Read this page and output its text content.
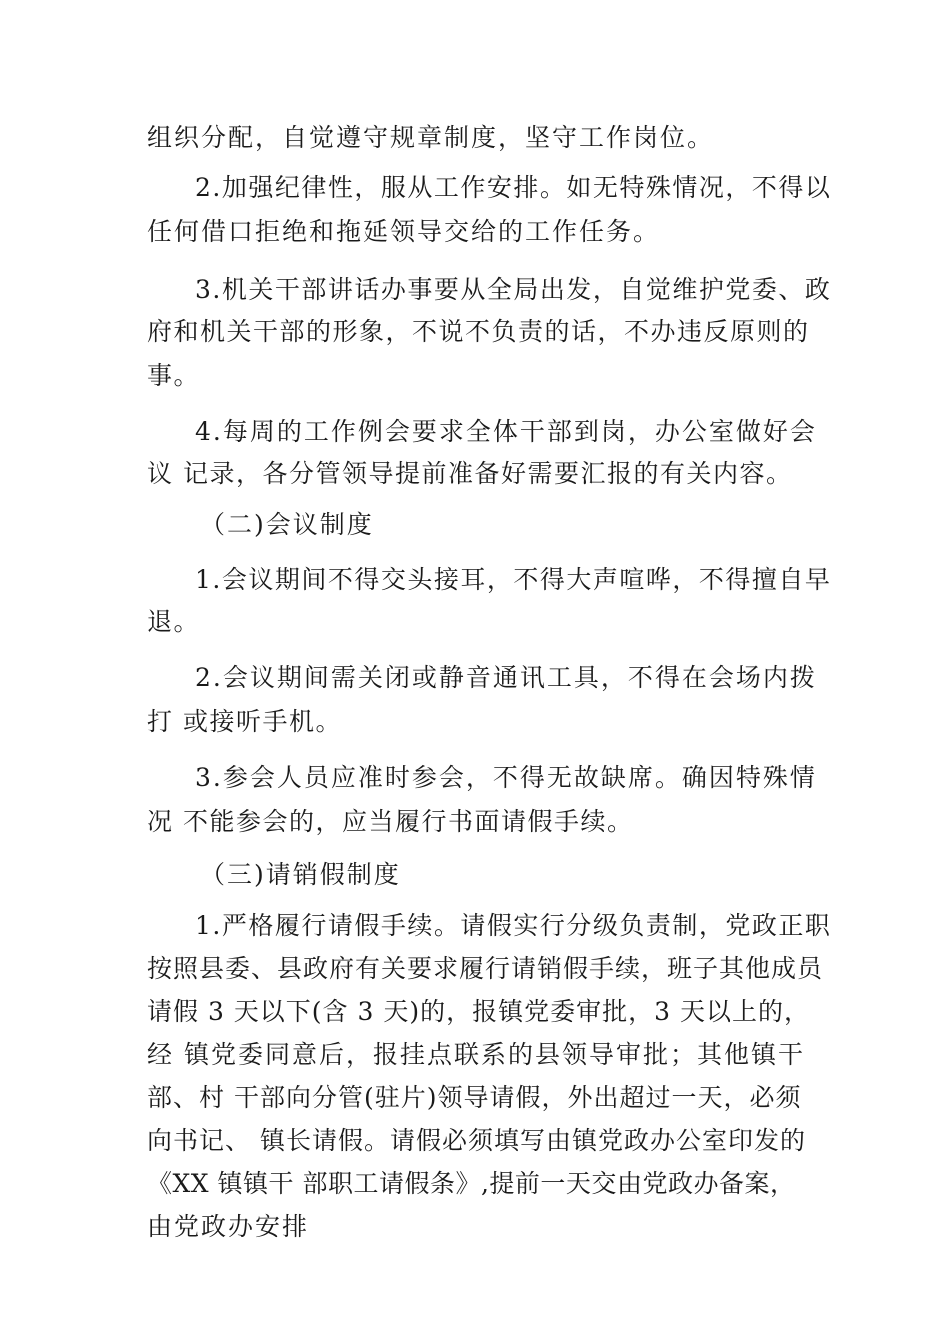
组织分配，自觉遵守规章制度，坚守工作岗位。
2.加强纪律性，服从工作安排。如无特殊情况，不得以
任何借口拒绝和拖延领导交给的工作任务。
3.机关干部讲话办事要从全局出发，自觉维护党委、政
府和机关干部的形象，不说不负责的话，不办违反原则的
事。
4.每周的工作例会要求全体干部到岗，办公室做好会
议 记录，各分管领导提前准备好需要汇报的有关内容。
（二)会议制度
1.会议期间不得交头接耳，不得大声喧哗，不得擅自早
退。
2.会议期间需关闭或静音通讯工具，不得在会场内拨
打 或接听手机。
3.参会人员应准时参会，不得无故缺席。确因特殊情
况 不能参会的，应当履行书面请假手续。
（三)请销假制度
1.严格履行请假手续。请假实行分级负责制，党政正职
按照县委、县政府有关要求履行请销假手续，班子其他成员
请假 3 天以下(含 3 天)的，报镇党委审批，3 天以上的，
经 镇党委同意后，报挂点联系的县领导审批；其他镇干
部、村 干部向分管(驻片)领导请假，外出超过一天，必须
向书记、 镇长请假。请假必须填写由镇党政办公室印发的
《XX 镇镇干 部职工请假条》,提前一天交由党政办备案，
由党政办安排
